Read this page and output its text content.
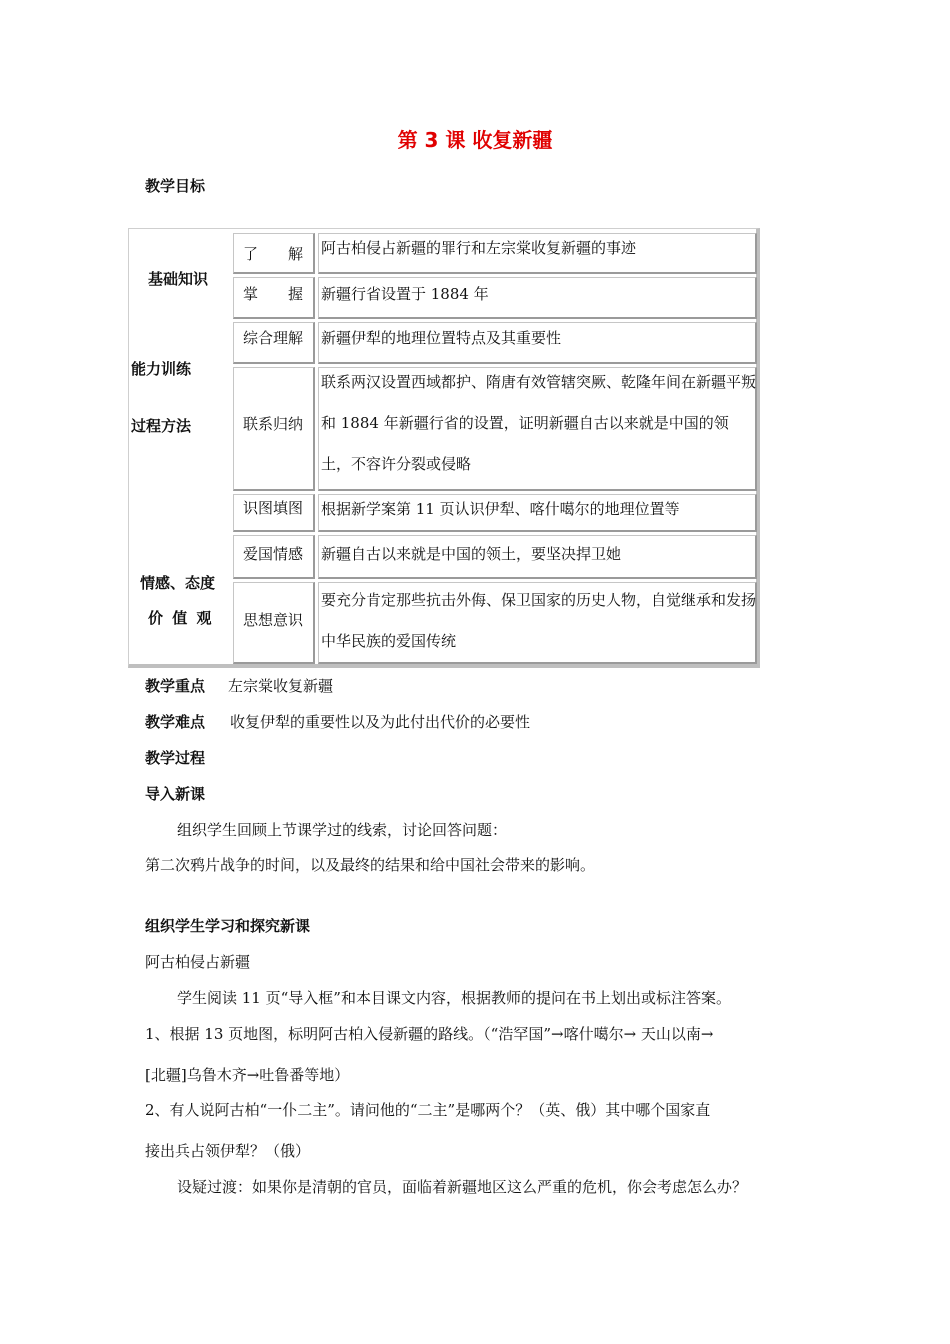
第 3 课 收复新疆
教学目标
基础知识
能力训练
过程方法
情感、态度
价 值 观
了　　解 阿古柏侵占新疆的罪行和左宗棠收复新疆的事迹
掌　　握 新疆行省设置于 1884 年
综合理解 新疆伊犁的地理位置特点及其重要性
联系归纳
联系两汉设置西域都护、隋唐有效管辖突厥、乾隆年间在新疆平叛和 1884 年新疆行省的设置，证明新疆自古以来就是中国的领土，不容许分裂或侵略
识图填图 根据新学案第 11 页认识伊犁、喀什噶尔的地理位置等
爱国情感 新疆自古以来就是中国的领土，要坚决捍卫她
思想意识
要充分肯定那些抗击外侮、保卫国家的历史人物，自觉继承和发扬中华民族的爱国传统
教学重点 左宗棠收复新疆
教学难点 收复伊犁的重要性以及为此付出代价的必要性
教学过程
导入新课
组织学生回顾上节课学过的线索，讨论回答问题：
第二次鸦片战争的时间，以及最终的结果和给中国社会带来的影响。
组织学生学习和探究新课
阿古柏侵占新疆
学生阅读 11 页“导入框”和本目课文内容，根据教师的提问在书上划出或标注答案。
1、根据 13 页地图，标明阿古柏入侵新疆的路线。（“浩罕国”→喀什噶尔→ 天山以南→
[北疆]乌鲁木齐→吐鲁番等地）
2、有人说阿古柏“一仆二主”。请问他的“二主”是哪两个？（英、俄）其中哪个国家直
接出兵占领伊犁？（俄）
设疑过渡：如果你是清朝的官员，面临着新疆地区这么严重的危机，你会考虑怎么办？
